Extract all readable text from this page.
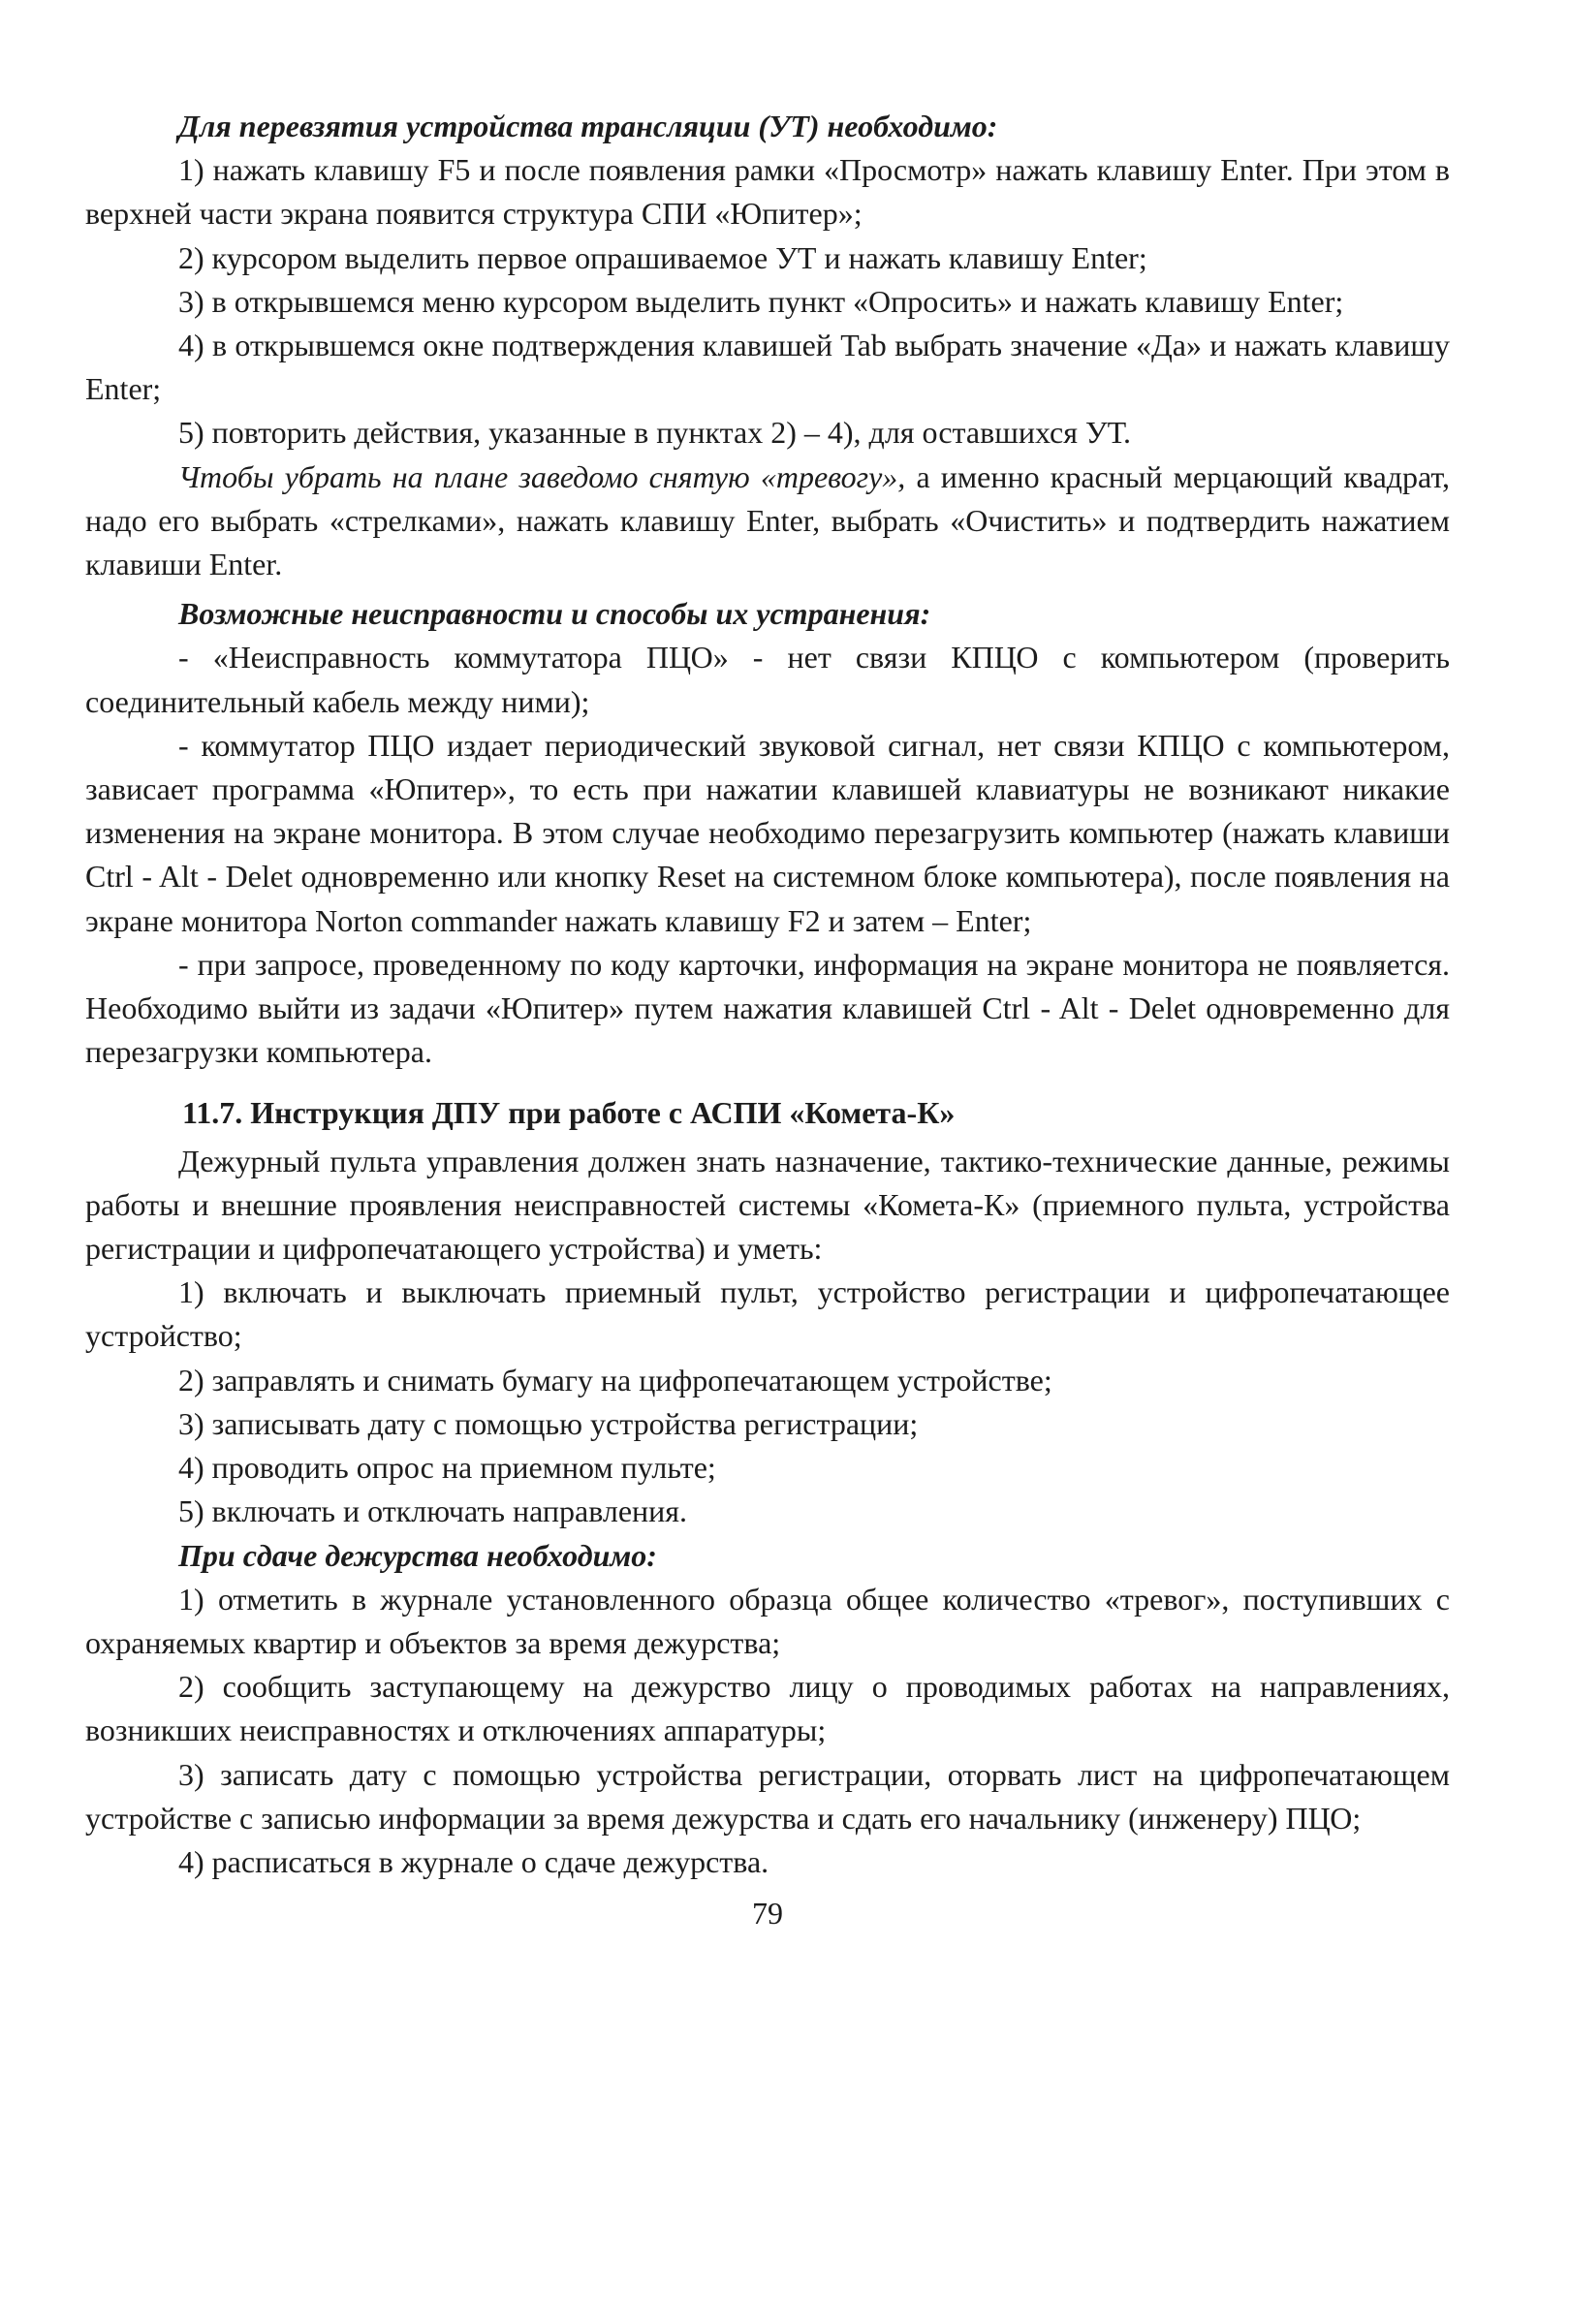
Для перевзятия устройства трансляции (УТ) необходимо:

1) нажать клавишу F5 и после появления рамки «Просмотр» нажать клавишу Enter. При этом в верхней части экрана появится структура СПИ «Юпитер»;

2) курсором выделить первое опрашиваемое УТ и нажать клавишу Enter;

3) в открывшемся меню курсором выделить пункт «Опросить» и нажать клавишу Enter;

4) в открывшемся окне подтверждения клавишей Tab выбрать значение «Да» и нажать клавишу Enter;

5) повторить действия, указанные в пунктах 2) – 4), для оставшихся УТ.

Чтобы убрать на плане заведомо снятую «тревогу», а именно красный мерцающий квадрат, надо его выбрать «стрелками», нажать клавишу Enter, выбрать «Очистить» и подтвердить нажатием клавиши Enter.

Возможные неисправности и способы их устранения:

- «Неисправность коммутатора ПЦО» - нет связи КПЦО с компьютером (проверить соединительный кабель между ними);

- коммутатор ПЦО издает периодический звуковой сигнал, нет связи КПЦО с компьютером, зависает программа «Юпитер», то есть при нажатии клавишей клавиатуры не возникают никакие изменения на экране монитора. В этом случае необходимо перезагрузить компьютер (нажать клавиши Ctrl - Alt - Delet одновременно или кнопку Reset на системном блоке компьютера), после появления на экране монитора Norton commander нажать клавишу F2 и затем – Enter;

- при запросе, проведенному по коду карточки, информация на экране монитора не появляется. Необходимо выйти из задачи «Юпитер» путем нажатия клавишей Ctrl - Alt - Delet одновременно для перезагрузки компьютера.

11.7. Инструкция ДПУ при работе с АСПИ «Комета-К»

Дежурный пульта управления должен знать назначение, тактико-технические данные, режимы работы и внешние проявления неисправностей системы «Комета-К» (приемного пульта, устройства регистрации и цифропечатающего устройства) и уметь:

1) включать и выключать приемный пульт, устройство регистрации и цифропечатающее устройство;

2) заправлять и снимать бумагу на цифропечатающем устройстве;

3) записывать дату с помощью устройства регистрации;

4) проводить опрос на приемном пульте;

5) включать и отключать направления.

При сдаче дежурства необходимо:

1) отметить в журнале установленного образца общее количество «тревог», поступивших с охраняемых квартир и объектов за время дежурства;

2) сообщить заступающему на дежурство лицу о проводимых работах на направлениях, возникших неисправностях и отключениях аппаратуры;

3) записать дату с помощью устройства регистрации, оторвать лист на цифропечатающем устройстве с записью информации за время дежурства и сдать его начальнику (инженеру) ПЦО;

4) расписаться в журнале о сдаче дежурства.

79
